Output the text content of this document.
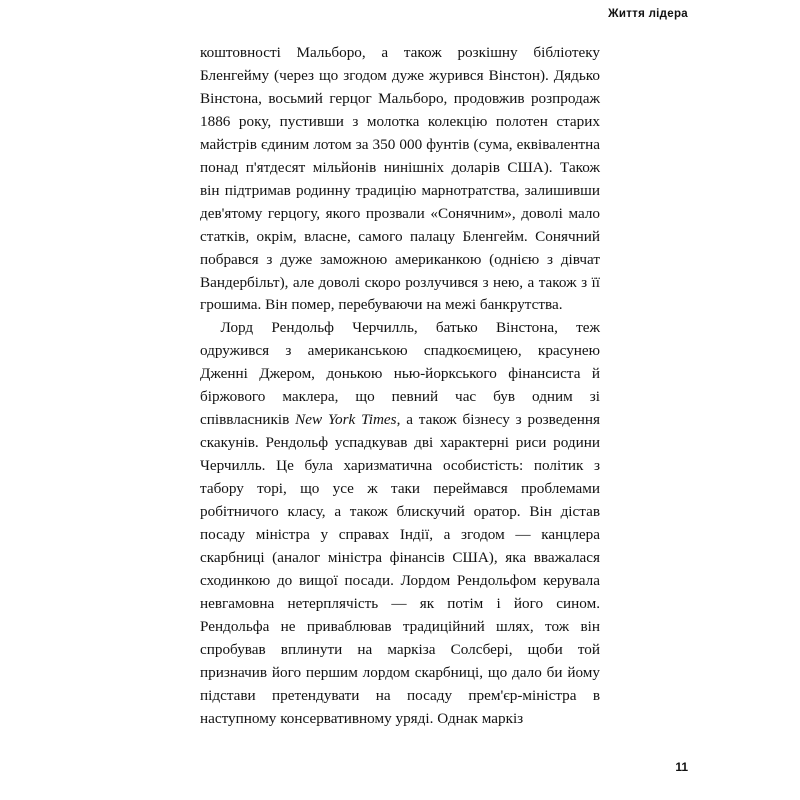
Життя лідера

коштовності Мальборо, а також розкішну бібліотеку Бленгейму (через що згодом дуже журився Вінстон). Дядько Вінстона, восьмий герцог Мальборо, продовжив розпродаж 1886 року, пустивши з молотка колекцію полотен старих майстрів єдиним лотом за 350 000 фунтів (сума, еквівалентна понад п'ятдесят мільйонів нинішніх доларів США). Також він підтримав родинну традицію марнотратства, залишивши дев'ятому герцогу, якого прозвали «Сонячним», доволі мало статків, окрім, власне, самого палацу Бленгейм. Сонячний побрався з дуже заможною американкою (однією з дівчат Вандербільт), але доволі скоро розлучився з нею, а також з її грошима. Він помер, перебуваючи на межі банкрутства.

Лорд Рендольф Черчилль, батько Вінстона, теж одружився з американською спадкоємицею, красунею Дженні Джером, донькою нью-йоркського фінансиста й біржового маклера, що певний час був одним зі співвласників New York Times, а також бізнесу з розведення скакунів. Рендольф успадкував дві характерні риси родини Черчилль. Це була харизматична особистість: політик з табору торі, що усе ж таки переймався проблемами робітничого класу, а також блискучий оратор. Він дістав посаду міністра у справах Індії, а згодом — канцлера скарбниці (аналог міністра фінансів США), яка вважалася сходинкою до вищої посади. Лордом Рендольфом керувала невгамовна нетерплячість — як потім і його сином. Рендольфа не приваблював традиційний шлях, тож він спробував вплинути на маркіза Солсбері, щоби той призначив його першим лордом скарбниці, що дало би йому підстави претендувати на посаду прем'єр-міністра в наступному консервативному уряді. Однак маркіз

11
